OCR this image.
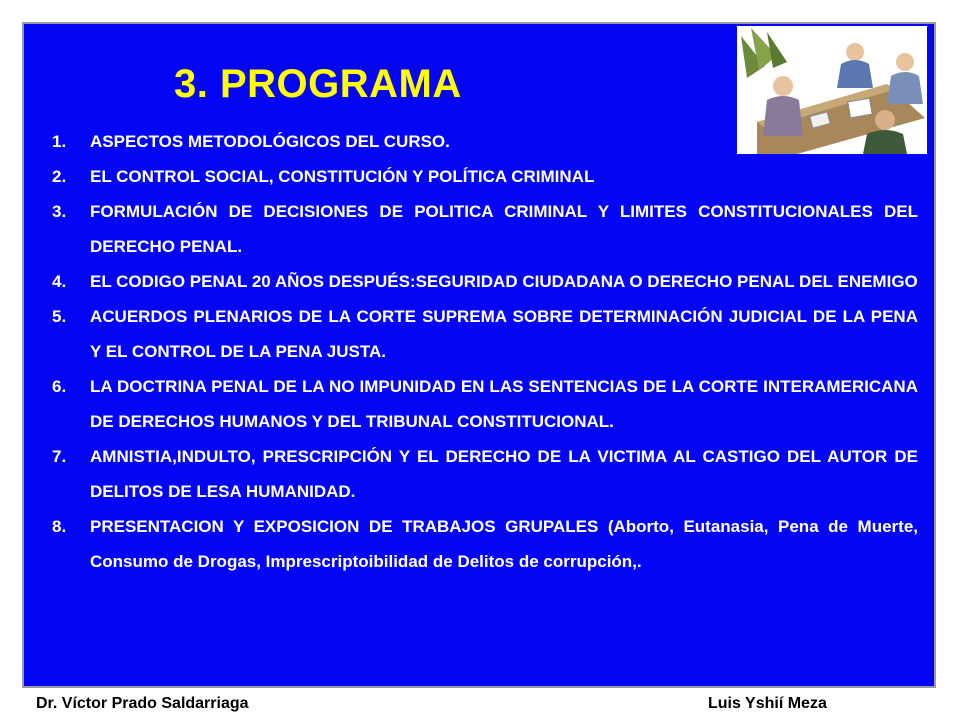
3. PROGRAMA
1.	ASPECTOS METODOLÓGICOS DEL CURSO.
2.	EL CONTROL SOCIAL, CONSTITUCIÓN Y POLÍTICA CRIMINAL
3.	FORMULACIÓN DE DECISIONES DE POLITICA CRIMINAL Y LIMITES CONSTITUCIONALES DEL DERECHO PENAL.
4.	EL CODIGO PENAL 20 AÑOS DESPUÉS:SEGURIDAD CIUDADANA O DERECHO PENAL DEL ENEMIGO
5.	ACUERDOS PLENARIOS DE LA CORTE SUPREMA SOBRE DETERMINACIÓN JUDICIAL DE LA PENA Y EL CONTROL DE LA PENA JUSTA.
6.	LA DOCTRINA PENAL DE LA NO IMPUNIDAD EN LAS SENTENCIAS DE LA CORTE INTERAMERICANA DE DERECHOS HUMANOS Y DEL TRIBUNAL CONSTITUCIONAL.
7.	AMNISTIA,INDULTO, PRESCRIPCIÓN Y EL DERECHO DE LA VICTIMA AL CASTIGO DEL AUTOR DE DELITOS DE LESA HUMANIDAD.
8.	PRESENTACION Y EXPOSICION DE TRABAJOS GRUPALES (Aborto, Eutanasia, Pena de Muerte, Consumo de Drogas, Imprescriptoibilidad de Delitos de corrupción,.
Dr. Víctor Prado Saldarriaga	Luis Yshií Meza
